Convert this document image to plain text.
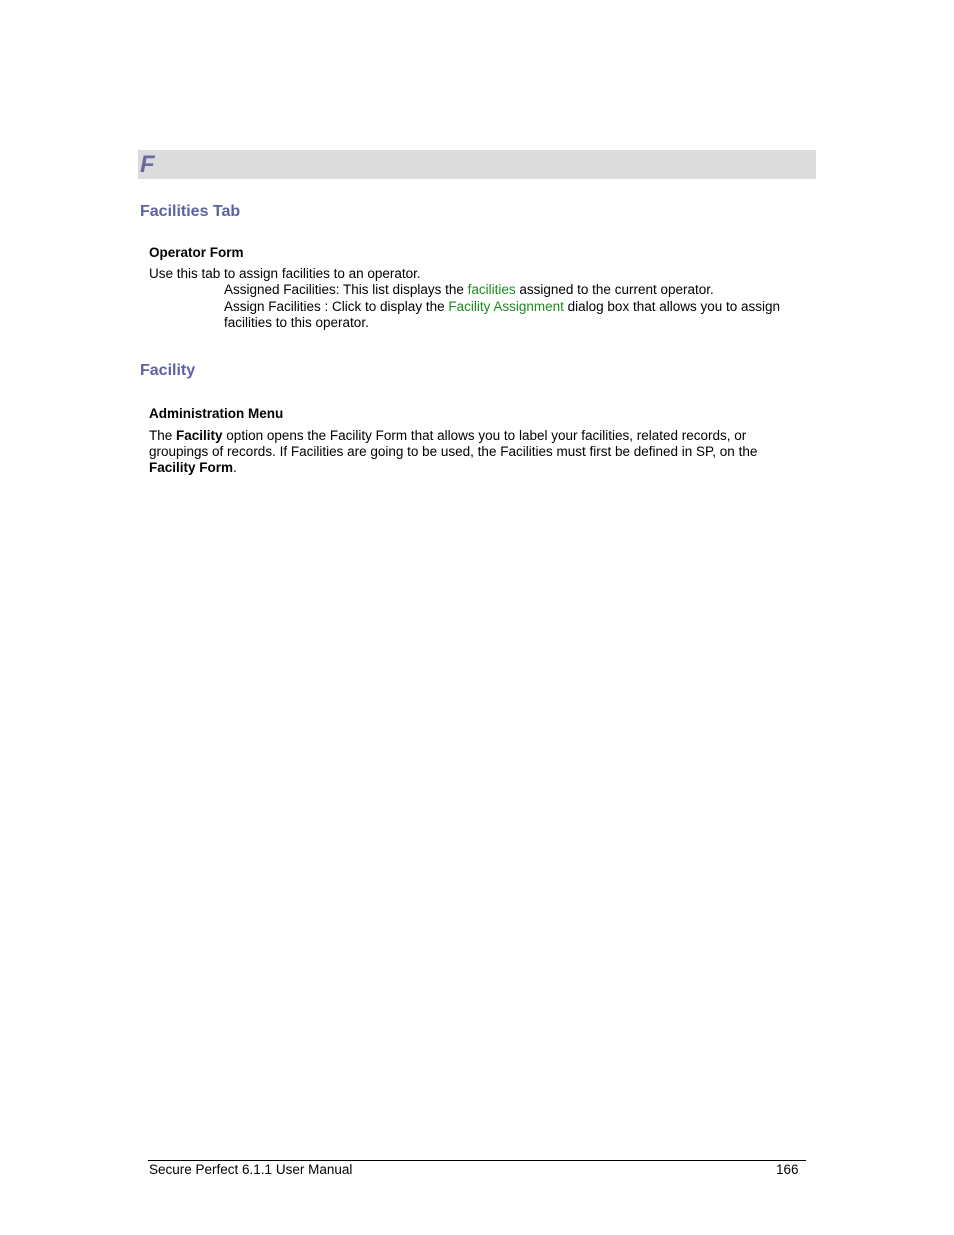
F
Facilities Tab
Operator Form
Use this tab to assign facilities to an operator.
Assigned Facilities: This list displays the facilities assigned to the current operator.
Assign Facilities : Click to display the Facility Assignment dialog box that allows you to assign
facilities to this operator.
Facility
Administration Menu
The Facility option opens the Facility Form that allows you to label your facilities, related records, or
groupings of records. If Facilities are going to be used, the Facilities must first be defined in SP, on the
Facility Form.
Secure Perfect 6.1.1 User Manual	166
